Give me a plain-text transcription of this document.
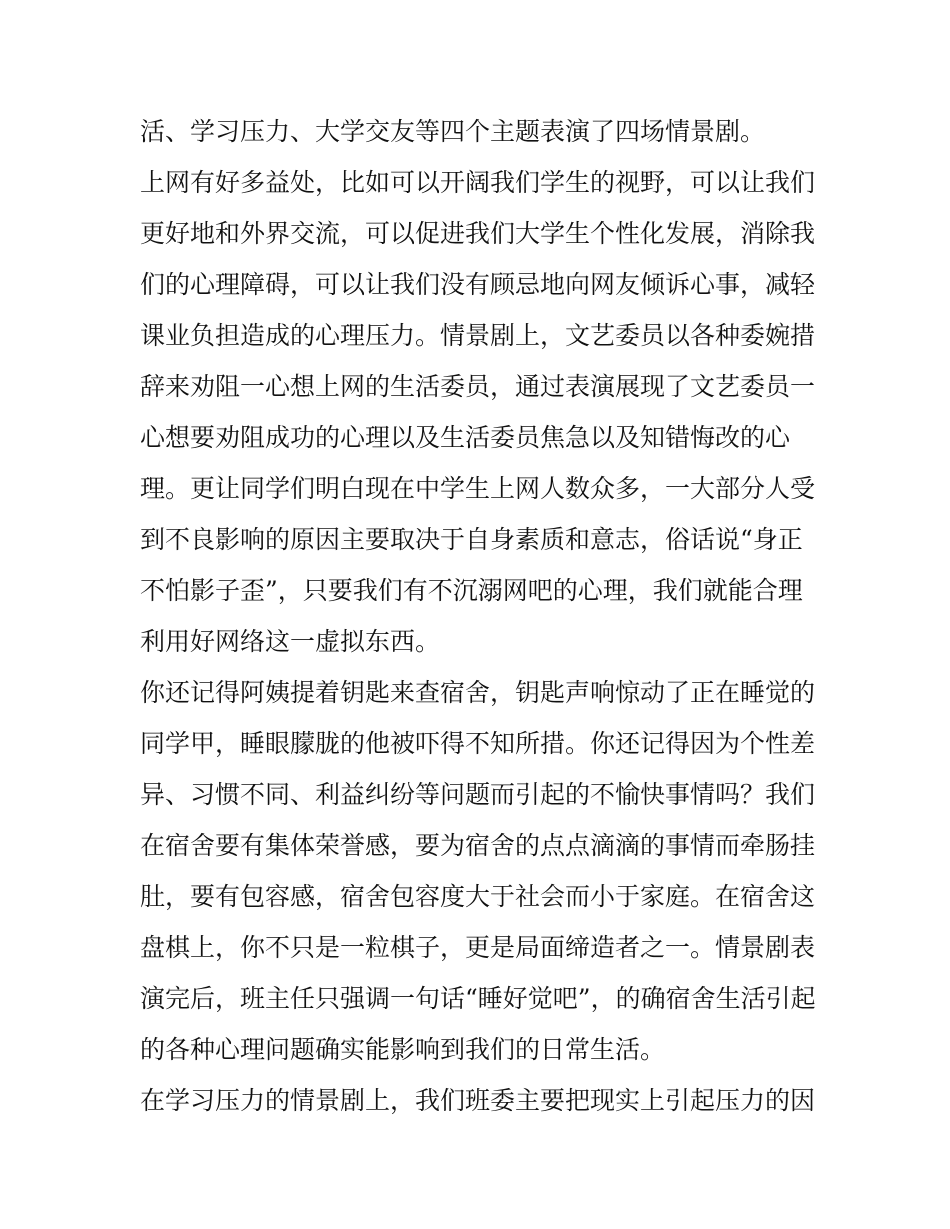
活、学习压力、大学交友等四个主题表演了四场情景剧。
上网有好多益处，比如可以开阔我们学生的视野，可以让我们
更好地和外界交流，可以促进我们大学生个性化发展，消除我
们的心理障碍，可以让我们没有顾忌地向网友倾诉心事，减轻
课业负担造成的心理压力。情景剧上，文艺委员以各种委婉措
辞来劝阻一心想上网的生活委员，通过表演展现了文艺委员一
心想要劝阻成功的心理以及生活委员焦急以及知错悔改的心
理。更让同学们明白现在中学生上网人数众多，一大部分人受
到不良影响的原因主要取决于自身素质和意志，俗话说“身正
不怕影子歪”，只要我们有不沉溺网吧的心理，我们就能合理
利用好网络这一虚拟东西。
你还记得阿姨提着钥匙来查宿舍，钥匙声响惊动了正在睡觉的
同学甲，睡眼朦胧的他被吓得不知所措。你还记得因为个性差
异、习惯不同、利益纠纷等问题而引起的不愉快事情吗？我们
在宿舍要有集体荣誉感，要为宿舍的点点滴滴的事情而牵肠挂
肚，要有包容感，宿舍包容度大于社会而小于家庭。在宿舍这
盘棋上，你不只是一粒棋子，更是局面缔造者之一。情景剧表
演完后，班主任只强调一句话“睡好觉吧”，的确宿舍生活引起
的各种心理问题确实能影响到我们的日常生活。
在学习压力的情景剧上，我们班委主要把现实上引起压力的因
